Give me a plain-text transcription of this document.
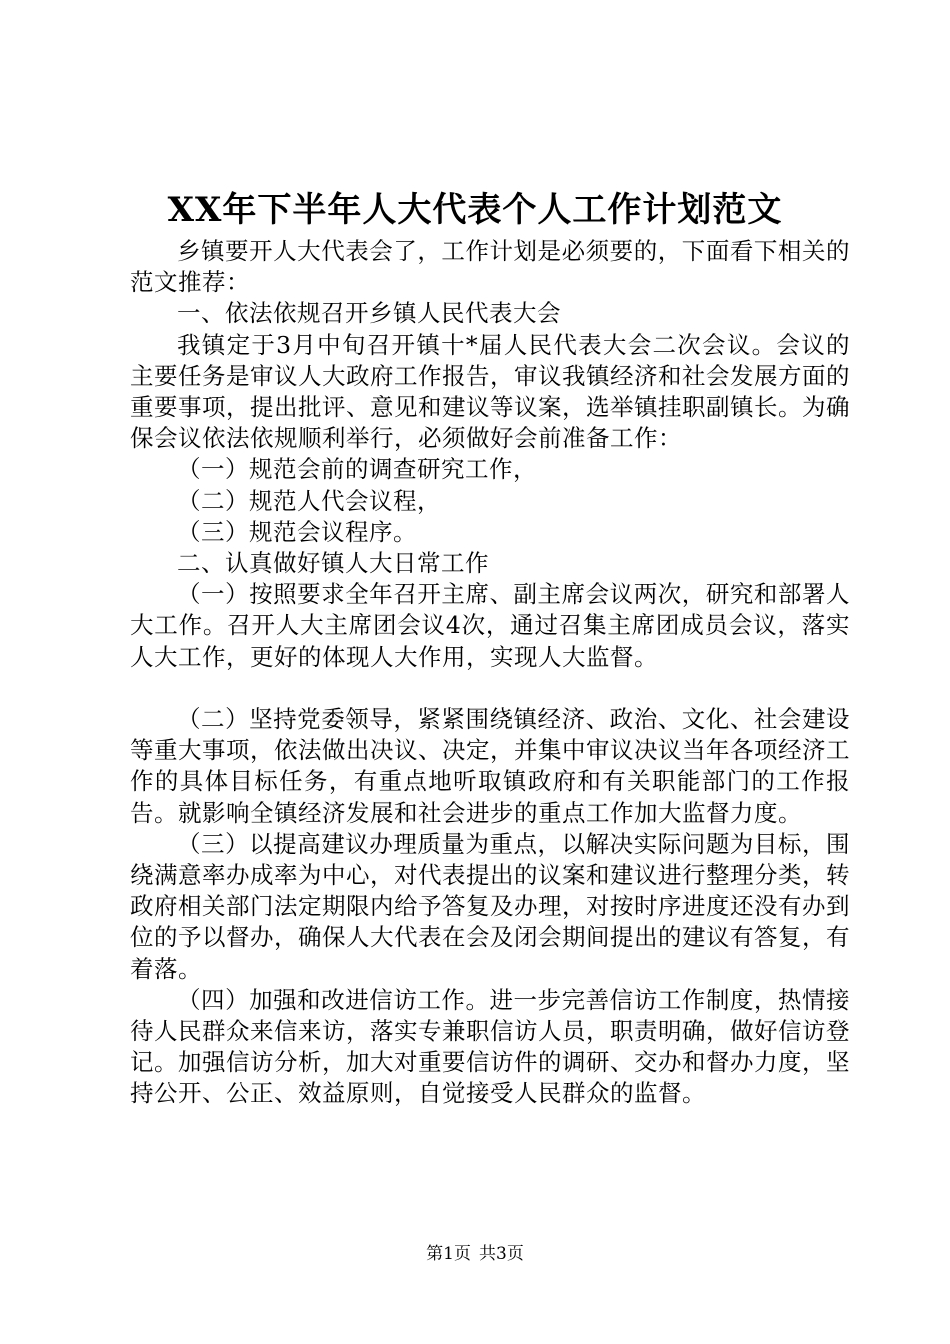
XX年下半年人大代表个人工作计划范文

乡镇要开人大代表会了，工作计划是必须要的，下面看下相关的范文推荐：

一、依法依规召开乡镇人民代表大会

我镇定于3月中旬召开镇十*届人民代表大会二次会议。会议的主要任务是审议人大政府工作报告，审议我镇经济和社会发展方面的重要事项，提出批评、意见和建议等议案，选举镇挂职副镇长。为确保会议依法依规顺利举行，必须做好会前准备工作：

（一）规范会前的调查研究工作，

（二）规范人代会议程，

（三）规范会议程序。

二、认真做好镇人大日常工作

（一）按照要求全年召开主席、副主席会议两次，研究和部署人大工作。召开人大主席团会议4次，通过召集主席团成员会议，落实人大工作，更好的体现人大作用，实现人大监督。

（二）坚持党委领导，紧紧围绕镇经济、政治、文化、社会建设等重大事项，依法做出决议、决定，并集中审议决议当年各项经济工作的具体目标任务，有重点地听取镇政府和有关职能部门的工作报告。就影响全镇经济发展和社会进步的重点工作加大监督力度。

（三）以提高建议办理质量为重点，以解决实际问题为目标，围绕满意率办成率为中心，对代表提出的议案和建议进行整理分类，转政府相关部门法定期限内给予答复及办理，对按时序进度还没有办到位的予以督办，确保人大代表在会及闭会期间提出的建议有答复，有着落。

（四）加强和改进信访工作。进一步完善信访工作制度，热情接待人民群众来信来访，落实专兼职信访人员，职责明确，做好信访登记。加强信访分析，加大对重要信访件的调研、交办和督办力度，坚持公开、公正、效益原则，自觉接受人民群众的监督。

第1页 共3页
